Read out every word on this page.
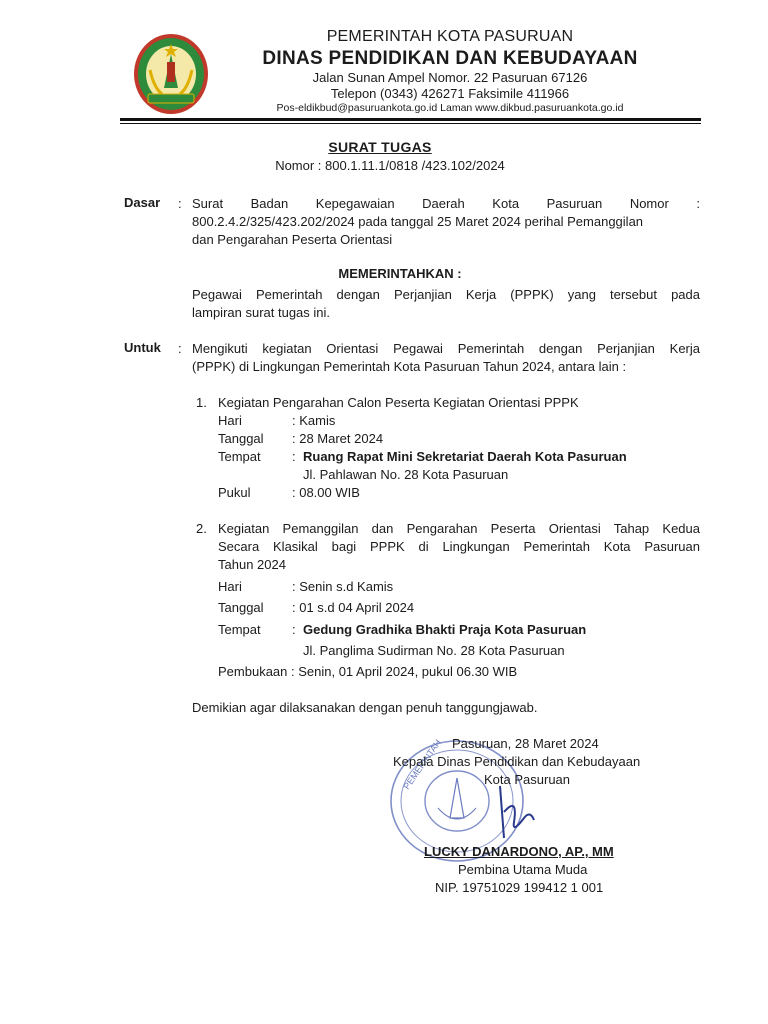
PEMERINTAH KOTA PASURUAN
DINAS PENDIDIKAN DAN KEBUDAYAAN
Jalan Sunan Ampel Nomor. 22 Pasuruan 67126
Telepon (0343) 426271 Faksimile 411966
Pos-eldikbud@pasuruankota.go.id Laman www.dikbud.pasuruankota.go.id
SURAT TUGAS
Nomor : 800.1.11.1/0818 /423.102/2024
Dasar : Surat Badan Kepegawaian Daerah Kota Pasuruan Nomor :
800.2.4.2/325/423.202/2024 pada tanggal 25 Maret 2024 perihal Pemanggilan
dan Pengarahan Peserta Orientasi
MEMERINTAHKAN :
Pegawai Pemerintah dengan Perjanjian Kerja (PPPK) yang tersebut pada
lampiran surat tugas ini.
Untuk : Mengikuti kegiatan Orientasi Pegawai Pemerintah dengan Perjanjian Kerja
(PPPK) di Lingkungan Pemerintah Kota Pasuruan Tahun 2024, antara lain :
1. Kegiatan Pengarahan Calon Peserta Kegiatan Orientasi PPPK
Hari	: Kamis
Tanggal : 28 Maret 2024
Tempat : Ruang Rapat Mini Sekretariat Daerah Kota Pasuruan
Jl. Pahlawan No. 28 Kota Pasuruan
Pukul	: 08.00 WIB
2. Kegiatan Pemanggilan dan Pengarahan Peserta Orientasi Tahap Kedua
Secara Klasikal bagi PPPK di Lingkungan Pemerintah Kota Pasuruan
Tahun 2024
Hari	: Senin s.d Kamis
Tanggal : 01 s.d 04 April 2024
Tempat : Gedung Gradhika Bhakti Praja Kota Pasuruan
Jl. Panglima Sudirman No. 28 Kota Pasuruan
Pembukaan : Senin, 01 April 2024, pukul 06.30 WIB
Demikian agar dilaksanakan dengan penuh tanggungjawab.
PEMERINTAH Pasuruan, 28 Maret 2024
Kepala Dinas Pendidikan dan Kebudayaan
Kota Pasuruan
LUCKY DANARDONO, AP., MM
Pembina Utama Muda
NIP. 19751029 199412 1 001
